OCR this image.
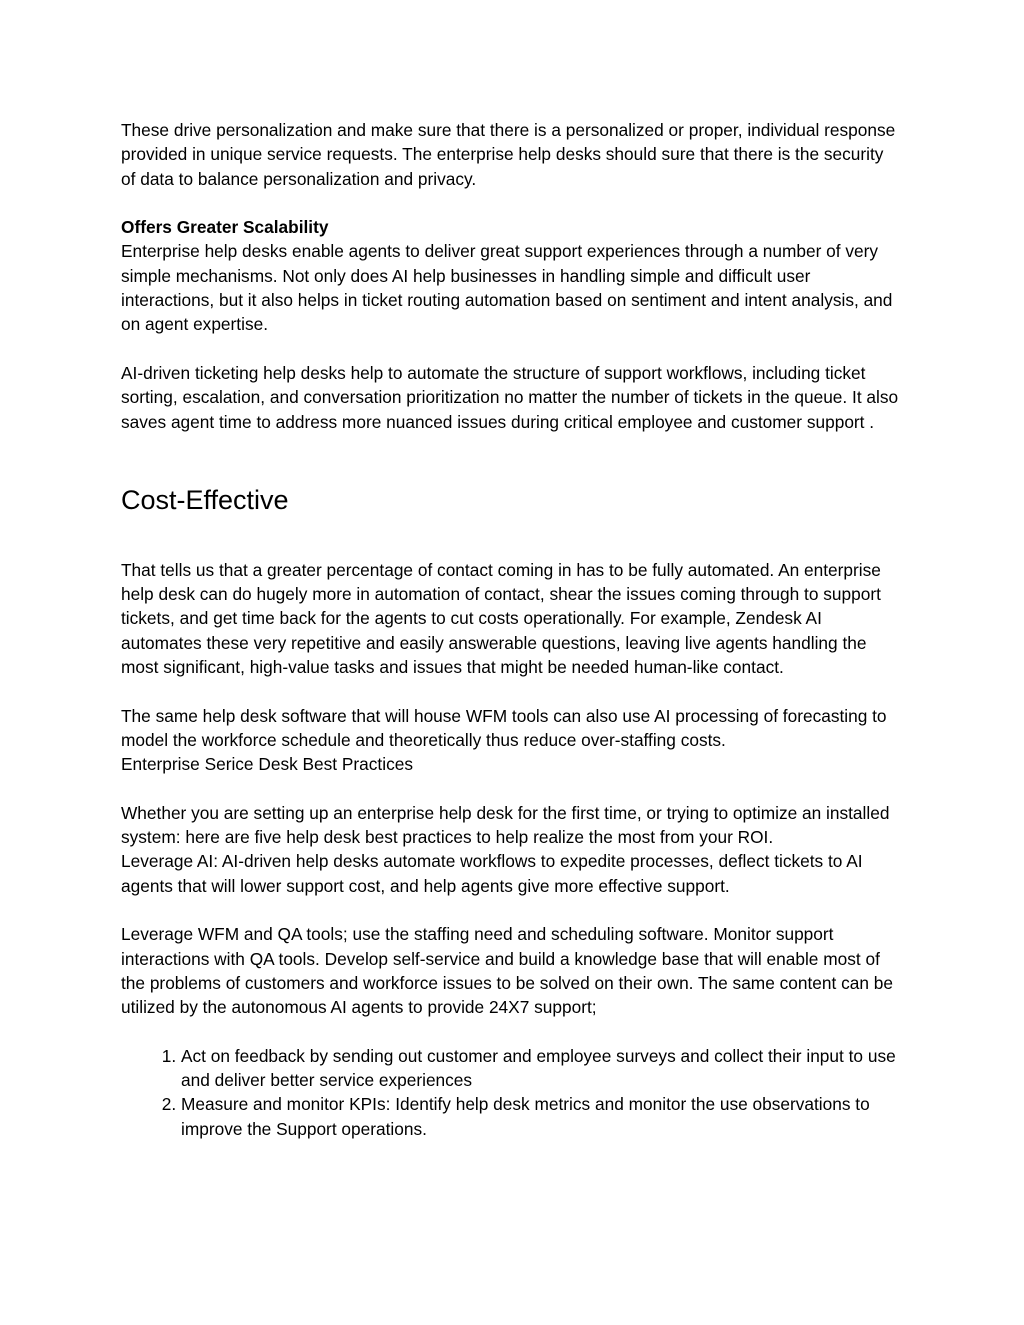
These drive personalization and make sure that there is a personalized or proper, individual response provided in unique service requests. The enterprise help desks should sure that there is the security of data to balance personalization and privacy.

Offers Greater Scalability

Enterprise help desks enable agents to deliver great support experiences through a number of very simple mechanisms. Not only does AI help businesses in handling simple and difficult user interactions, but it also helps in ticket routing automation based on sentiment and intent analysis, and on agent expertise.

AI-driven ticketing help desks help to automate the structure of support workflows, including ticket sorting, escalation, and conversation prioritization no matter the number of tickets in the queue. It also saves agent time to address more nuanced issues during critical employee and customer support .

Cost-Effective

That tells us that a greater percentage of contact coming in has to be fully automated. An enterprise help desk can do hugely more in automation of contact, shear the issues coming through to support tickets, and get time back for the agents to cut costs operationally. For example, Zendesk AI automates these very repetitive and easily answerable questions, leaving live agents handling the most significant, high-value tasks and issues that might be needed human-like contact.

The same help desk software that will house WFM tools can also use AI processing of forecasting to model the workforce schedule and theoretically thus reduce over-staffing costs.

Enterprise Serice Desk Best Practices

Whether you are setting up an enterprise help desk for the first time, or trying to optimize an installed system: here are five help desk best practices to help realize the most from your ROI.

Leverage AI: AI-driven help desks automate workflows to expedite processes, deflect tickets to AI agents that will lower support cost, and help agents give more effective support.

Leverage WFM and QA tools; use the staffing need and scheduling software. Monitor support interactions with QA tools. Develop self-service and build a knowledge base that will enable most of the problems of customers and workforce issues to be solved on their own. The same content can be utilized by the autonomous AI agents to provide 24X7 support;

1. Act on feedback by sending out customer and employee surveys and collect their input to use and deliver better service experiences
2. Measure and monitor KPIs: Identify help desk metrics and monitor the use observations to improve the Support operations.
